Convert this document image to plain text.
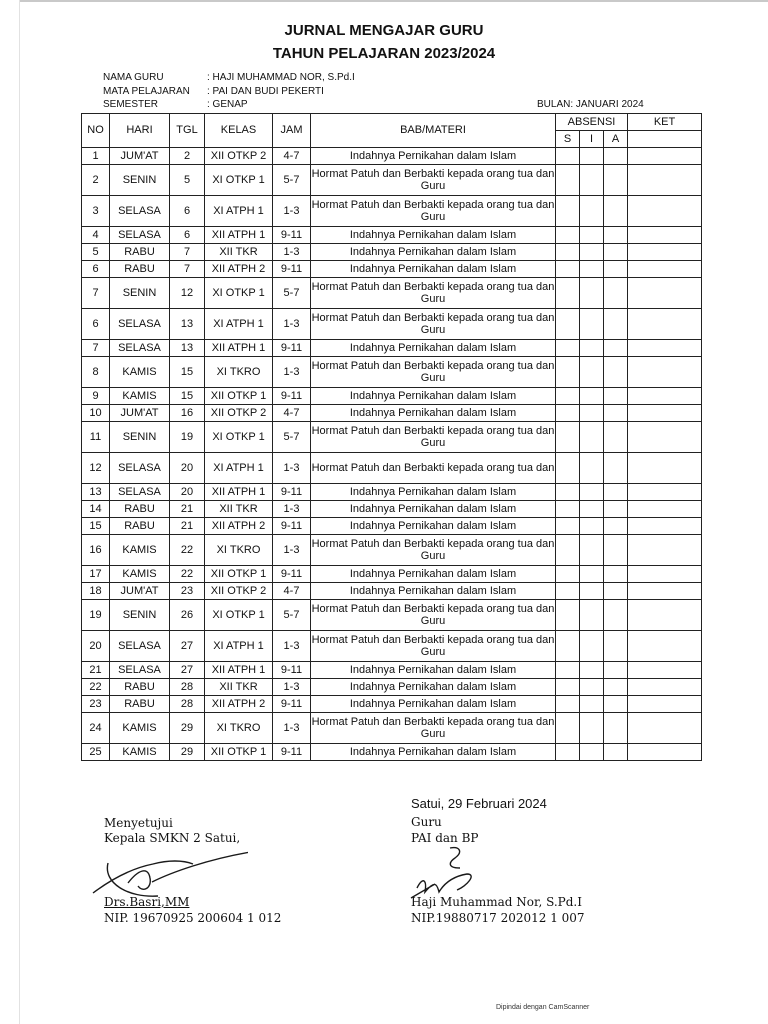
JURNAL MENGAJAR GURU
TAHUN PELAJARAN 2023/2024
NAMA GURU	: HAJI MUHAMMAD NOR, S.Pd.I
MATA PELAJARAN : PAI DAN BUDI PEKERTI
SEMESTER	: GENAP	BULAN: JANUARI 2024
NO	HARI	TGL	KELAS	JAM	BAB/MATERI	ABSENSI			KET
						S	I	A	
1	JUM'AT	2	XII OTKP 2	4-7	Indahnya Pernikahan dalam Islam				
2	SENIN	5	XI OTKP 1	5-7	Hormat Patuh dan Berbakti kepada orang tua dan Guru				
3	SELASA	6	XI ATPH 1	1-3	Hormat Patuh dan Berbakti kepada orang tua dan Guru				
4	SELASA	6	XII ATPH 1	9-11	Indahnya Pernikahan dalam Islam				
5	RABU	7	XII TKR	1-3	Indahnya Pernikahan dalam Islam				
6	RABU	7	XII ATPH 2	9-11	Indahnya Pernikahan dalam Islam				
7	SENIN	12	XI OTKP 1	5-7	Hormat Patuh dan Berbakti kepada orang tua dan Guru				
6	SELASA	13	XI ATPH 1	1-3	Hormat Patuh dan Berbakti kepada orang tua dan Guru				
7	SELASA	13	XII ATPH 1	9-11	Indahnya Pernikahan dalam Islam				
8	KAMIS	15	XI TKRO	1-3	Hormat Patuh dan Berbakti kepada orang tua dan Guru				
9	KAMIS	15	XII OTKP 1	9-11	Indahnya Pernikahan dalam Islam				
10	JUM'AT	16	XII OTKP 2	4-7	Indahnya Pernikahan dalam Islam				
11	SENIN	19	XI OTKP 1	5-7	Hormat Patuh dan Berbakti kepada orang tua dan Guru				
12	SELASA	20	XI ATPH 1	1-3	Hormat Patuh dan Berbakti kepada orang tua dan				
13	SELASA	20	XII ATPH 1	9-11	Indahnya Pernikahan dalam Islam				
14	RABU	21	XII TKR	1-3	Indahnya Pernikahan dalam Islam				
15	RABU	21	XII ATPH 2	9-11	Indahnya Pernikahan dalam Islam				
16	KAMIS	22	XI TKRO	1-3	Hormat Patuh dan Berbakti kepada orang tua dan Guru				
17	KAMIS	22	XII OTKP 1	9-11	Indahnya Pernikahan dalam Islam				
18	JUM'AT	23	XII OTKP 2	4-7	Indahnya Pernikahan dalam Islam				
19	SENIN	26	XI OTKP 1	5-7	Hormat Patuh dan Berbakti kepada orang tua dan Guru				
20	SELASA	27	XI ATPH 1	1-3	Hormat Patuh dan Berbakti kepada orang tua dan Guru				
21	SELASA	27	XII ATPH 1	9-11	Indahnya Pernikahan dalam Islam				
22	RABU	28	XII TKR	1-3	Indahnya Pernikahan dalam Islam				
23	RABU	28	XII ATPH 2	9-11	Indahnya Pernikahan dalam Islam				
24	KAMIS	29	XI TKRO	1-3	Hormat Patuh dan Berbakti kepada orang tua dan Guru				
25	KAMIS	29	XII OTKP 1	9-11	Indahnya Pernikahan dalam Islam				
Satui, 29 Februari 2024
Menyetujui
Kepala SMKN 2 Satui,
Drs.Basri,MM
NIP. 19670925 200604 1 012
Guru
PAI dan BP
Haji Muhammad Nor, S.Pd.I
NIP.19880717 202012 1 007
Dipindai dengan CamScanner
